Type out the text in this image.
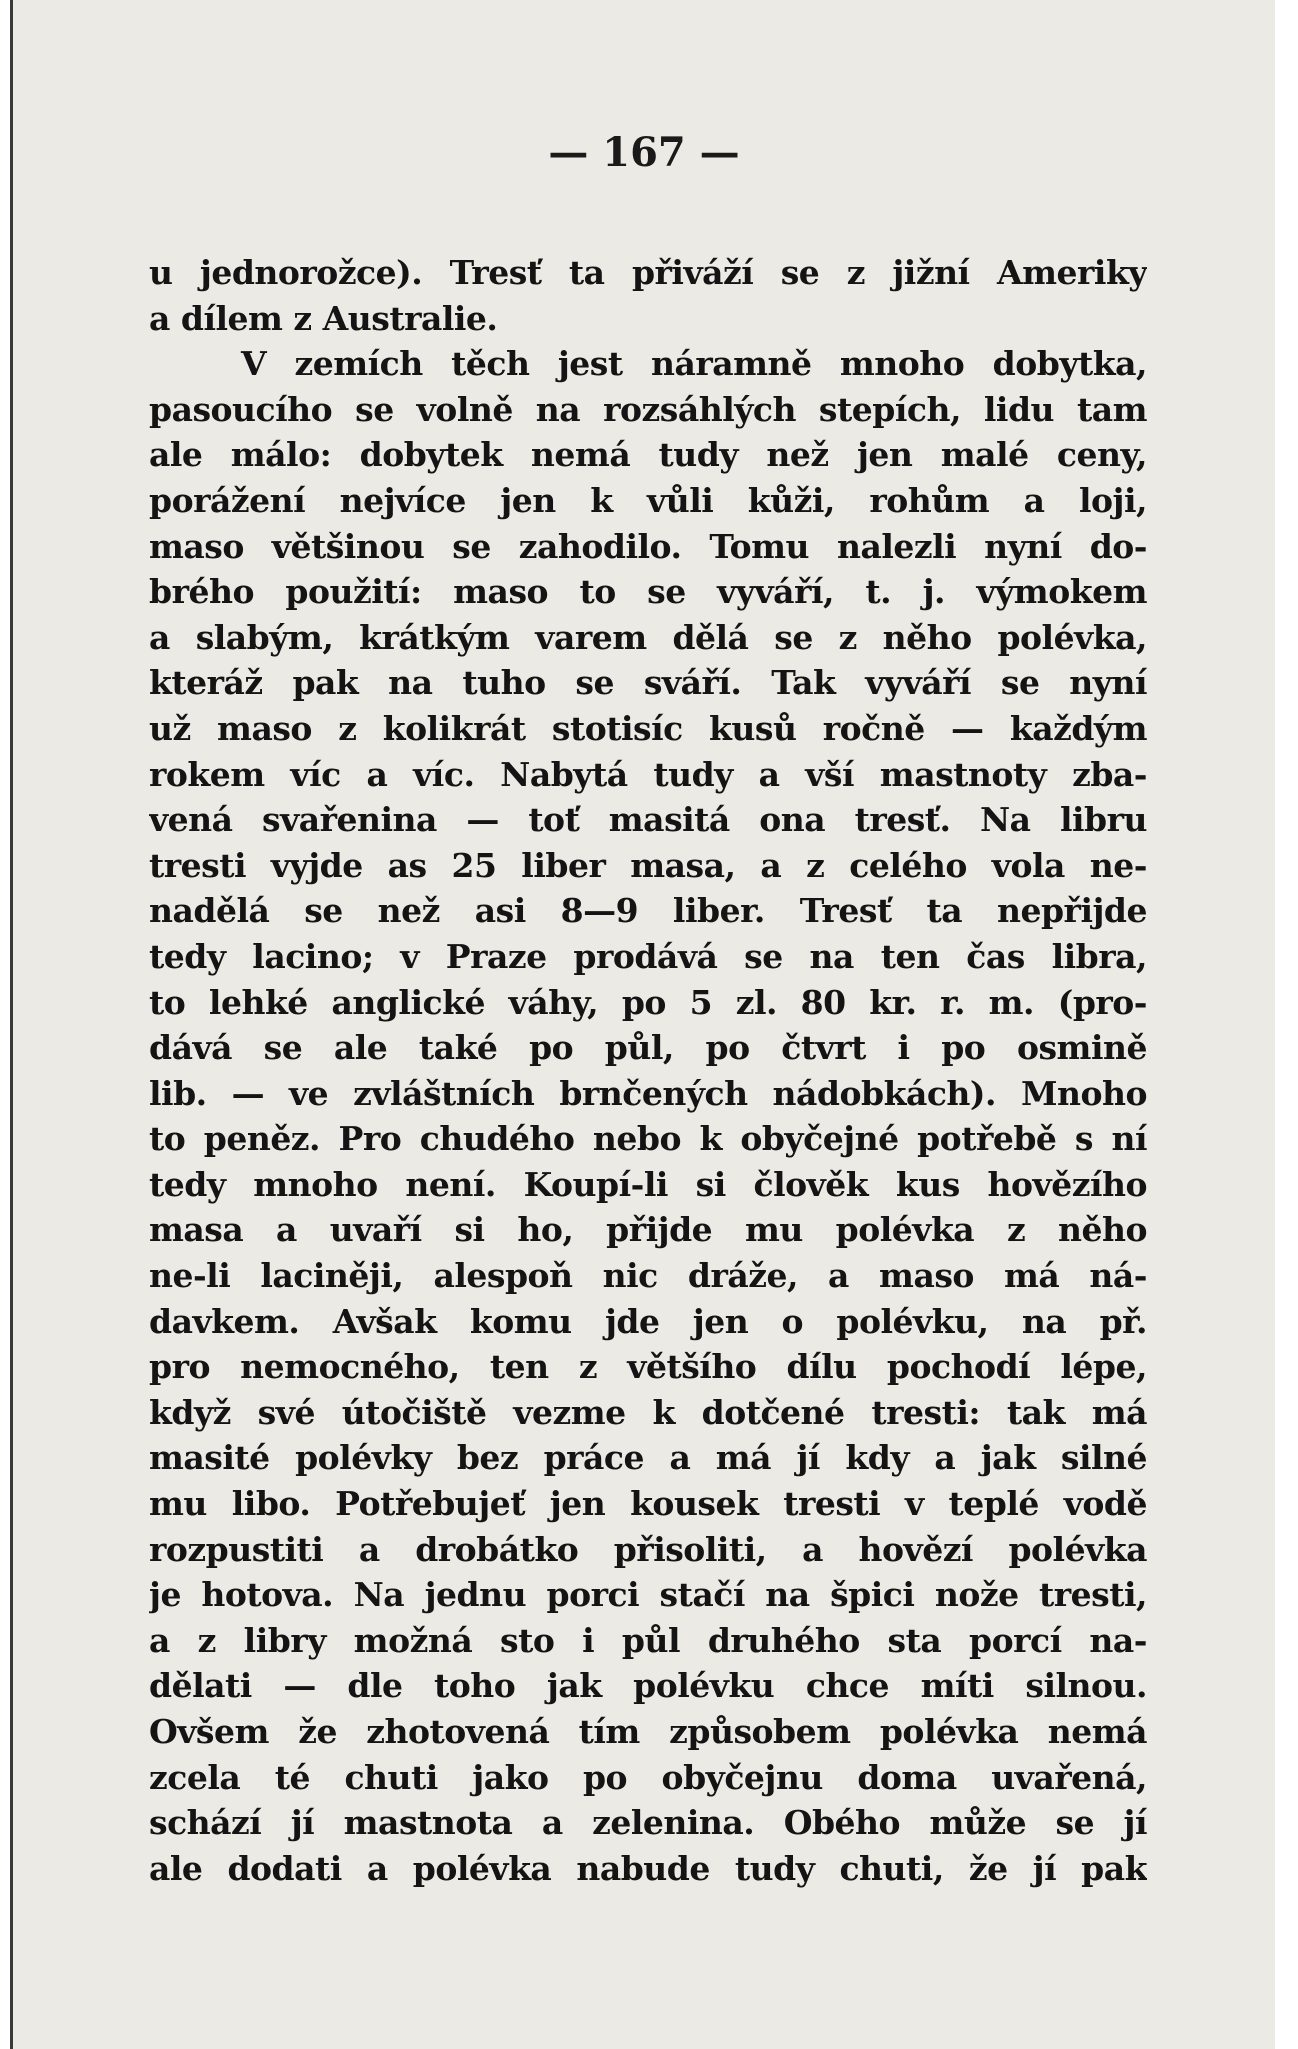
— 167 —
u jednorožce). Tresť ta přiváží se z jižní Ameriky
a dílem z Australie.
V zemích těch jest náramně mnoho dobytka,
pasoucího se volně na rozsáhlých stepích, lidu tam
ale málo: dobytek nemá tudy než jen malé ceny,
porážení nejvíce jen k vůli kůži, rohům a loji,
maso většinou se zahodilo. Tomu nalezli nyní do-
brého použití: maso to se vyváří, t. j. výmokem
a slabým, krátkým varem dělá se z něho polévka,
kteráž pak na tuho se sváří. Tak vyváří se nyní
už maso z kolikrát stotisíc kusů ročně — každým
rokem víc a víc. Nabytá tudy a vší mastnoty zba-
vená svařenina — toť masitá ona tresť. Na libru
tresti vyjde as 25 liber masa, a z celého vola ne-
nadělá se než asi 8—9 liber. Tresť ta nepřijde
tedy lacino; v Praze prodává se na ten čas libra,
to lehké anglické váhy, po 5 zl. 80 kr. r. m. (pro-
dává se ale také po půl, po čtvrt i po osmině
lib. — ve zvláštních brnčených nádobkách). Mnoho
to peněz. Pro chudého nebo k obyčejné potřebě s ní
tedy mnoho není. Koupí-li si člověk kus hovězího
masa a uvaří si ho, přijde mu polévka z něho
ne-li laciněji, alespoň nic dráže, a maso má ná-
davkem. Avšak komu jde jen o polévku, na př.
pro nemocného, ten z většího dílu pochodí lépe,
když své útočiště vezme k dotčené tresti: tak má
masité polévky bez práce a má jí kdy a jak silné
mu libo. Potřebujeť jen kousek tresti v teplé vodě
rozpustiti a drobátko přisoliti, a hovězí polévka
je hotova. Na jednu porci stačí na špici nože tresti,
a z libry možná sto i půl druhého sta porcí na-
dělati — dle toho jak polévku chce míti silnou.
Ovšem že zhotovená tím způsobem polévka nemá
zcela té chuti jako po obyčejnu doma uvařená,
schází jí mastnota a zelenina. Obého může se jí
ale dodati a polévka nabude tudy chuti, že jí pak
